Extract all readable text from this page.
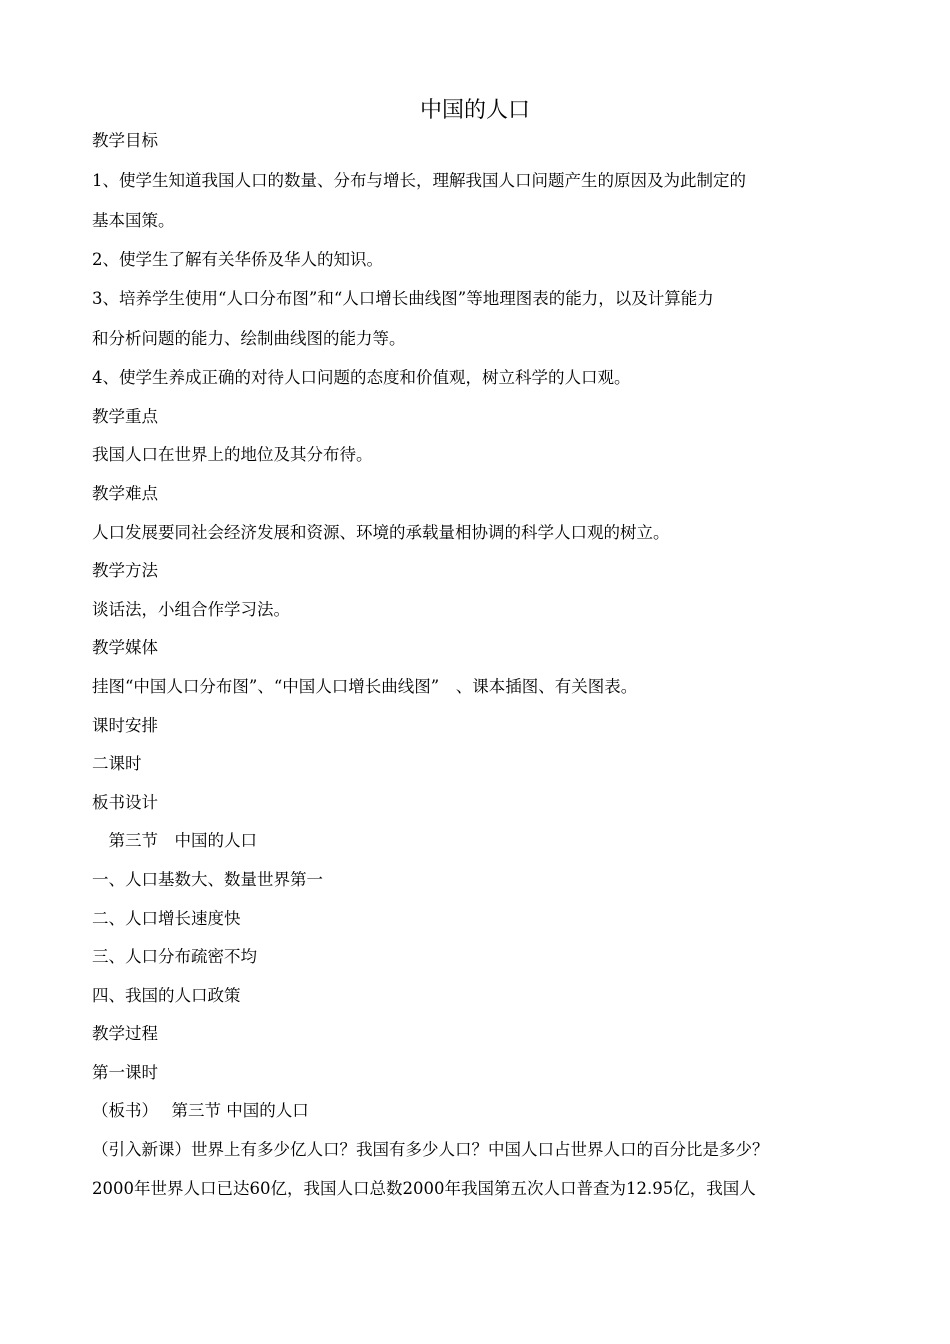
中国的人口
教学目标
1、使学生知道我国人口的数量、分布与增长，理解我国人口问题产生的原因及为此制定的
基本国策。
2、使学生了解有关华侨及华人的知识。
3、培养学生使用“人口分布图”和“人口增长曲线图”等地理图表的能力，以及计算能力
和分析问题的能力、绘制曲线图的能力等。
4、使学生养成正确的对待人口问题的态度和价值观，树立科学的人口观。
教学重点
我国人口在世界上的地位及其分布待。
教学难点
人口发展要同社会经济发展和资源、环境的承载量相协调的科学人口观的树立。
教学方法
谈话法，小组合作学习法。
教学媒体
挂图“中国人口分布图”、“中国人口增长曲线图”　、课本插图、有关图表。
课时安排
二课时
板书设计
　第三节　中国的人口
一、人口基数大、数量世界第一
二、人口增长速度快
三、人口分布疏密不均
四、我国的人口政策
教学过程
第一课时
（板书）　 第三节 中国的人口
（引入新课）世界上有多少亿人口？我国有多少人口？中国人口占世界人口的百分比是多少？
2000年世界人口已达60亿，我国人口总数2000年我国第五次人口普查为12.95亿，我国人
